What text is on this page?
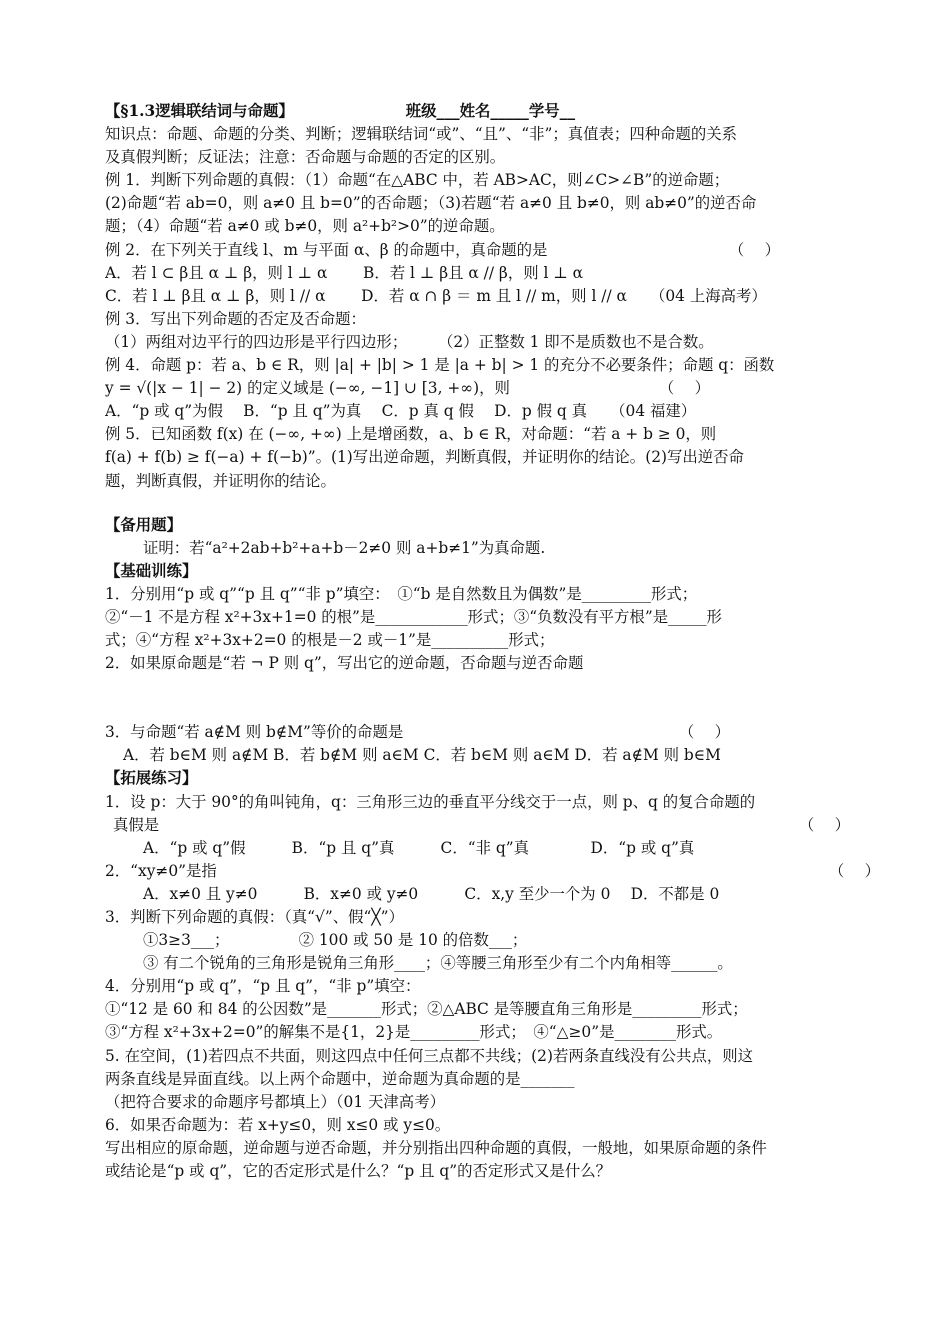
【§1.3逻辑联结词与命题】	班级___姓名_____学号__
知识点：命题、命题的分类、判断；逻辑联结词“或”、“且”、“非”；真值表；四种命题的关系
及真假判断；反证法；注意：否命题与命题的否定的区别。
例 1．判断下列命题的真假：（1）命题“在△ABC 中，若 AB>AC，则∠C>∠B”的逆命题；
(2)命题“若 ab=0，则 a≠0 且 b=0”的否命题；（3)若题“若 a≠0 且 b≠0，则 ab≠0”的逆否命
题；（4）命题“若 a≠0 或 b≠0，则 a²+b²>0”的逆命题。
例 2．在下列关于直线 l、m 与平面 α、β 的命题中，真命题的是	（　 ）
A．若 l ⊂ β且 α ⊥ β，则 l ⊥ α　　 B．若 l ⊥ β且 α // β，则 l ⊥ α
C．若 l ⊥ β且 α ⊥ β，则 l // α　　 D．若 α ∩ β ＝ m 且 l // m，则 l // α　　（04 上海高考）
例 3．写出下列命题的否定及否命题：
（1）两组对边平行的四边形是平行四边形；　　　（2）正整数 1 即不是质数也不是合数。
例 4．命题 p：若 a、b ∈ R，则 |a| + |b| > 1 是 |a + b| > 1 的充分不必要条件；命题 q：函数
y = √(|x − 1| − 2) 的定义域是 (−∞, −1] ∪ [3, +∞)，则	（　 ）
A．“p 或 q”为假　 B．“p 且 q”为真　 C．p 真 q 假　 D．p 假 q 真　　（04 福建）
例 5．已知函数 f(x) 在 (−∞, +∞) 上是增函数，a、b ∈ R，对命题：“若 a + b ≥ 0，则
f(a) + f(b) ≥ f(−a) + f(−b)”。(1)写出逆命题，判断真假，并证明你的结论。(2)写出逆否命
题，判断真假，并证明你的结论。
【备用题】
证明：若“a²+2ab+b²+a+b－2≠0 则 a+b≠1”为真命题.
【基础训练】
1．分别用“p 或 q”“p 且 q”“非 p”填空：　①“b 是自然数且为偶数”是_________形式；
②“－1 不是方程 x²+3x+1=0 的根”是____________形式；③“负数没有平方根”是_____形
式；④“方程 x²+3x+2=0 的根是－2 或－1”是__________形式；
2．如果原命题是“若 ¬ P 则 q”，写出它的逆命题，否命题与逆否命题
3．与命题“若 a∉M 则 b∉M”等价的命题是	（　 ）
A．若 b∈M 则 a∉M B．若 b∉M 则 a∈M C．若 b∈M 则 a∈M D．若 a∉M 则 b∈M
【拓展练习】
1．设 p：大于 90°的角叫钝角，q：三角形三边的垂直平分线交于一点，则 p、q 的复合命题的
真假是	（　 ）
A．“p 或 q”假　　　B．“p 且 q”真　　　C．“非 q”真　　　　D．“p 或 q”真
2．“xy≠0”是指	（　 ）
A．x≠0 且 y≠0　　　B．x≠0 或 y≠0　　　C．x,y 至少一个为 0　 D．不都是 0
3．判断下列命题的真假：（真“√”、假“╳”）
①3≥3___；　　　　　② 100 或 50 是 10 的倍数___；
③ 有二个锐角的三角形是锐角三角形____；④等腰三角形至少有二个内角相等______。
4．分别用“p 或 q”，“p 且 q”，“非 p”填空：
①“12 是 60 和 84 的公因数”是_______形式；②△ABC 是等腰直角三角形是_________形式；
③“方程 x²+3x+2=0”的解集不是{1，2}是_________形式；　④“△≥0”是________形式。
5. 在空间，(1)若四点不共面，则这四点中任何三点都不共线；(2)若两条直线没有公共点，则这
两条直线是异面直线。以上两个命题中，逆命题为真命题的是_______
（把符合要求的命题序号都填上）（01 天津高考）
6．如果否命题为：若 x+y≤0，则 x≤0 或 y≤0。
写出相应的原命题，逆命题与逆否命题，并分别指出四种命题的真假，一般地，如果原命题的条件
或结论是“p 或 q”，它的否定形式是什么？“p 且 q”的否定形式又是什么？
